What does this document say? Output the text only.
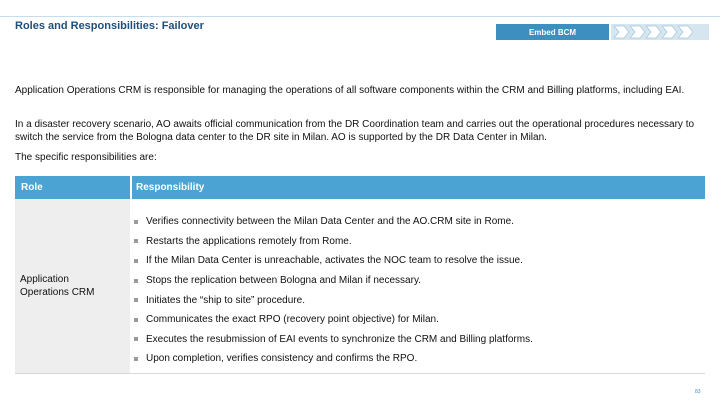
Roles and Responsibilities: Failover	Embed BCM

Application Operations CRM is responsible for managing the operations of all software components within the CRM and Billing platforms, including EAI.

In a disaster recovery scenario, AO awaits official communication from the DR Coordination team and carries out the operational procedures necessary to switch the service from the Bologna data center to the DR site in Milan. AO is supported by the DR Data Center in Milan.

The specific responsibilities are:

Role	Responsibility
Application
Operations CRM
Verifies connectivity between the Milan Data Center and the AO.CRM site in Rome.
Restarts the applications remotely from Rome.
If the Milan Data Center is unreachable, activates the NOC team to resolve the issue.
Stops the replication between Bologna and Milan if necessary.
Initiates the “ship to site” procedure.
Communicates the exact RPO (recovery point objective) for Milan.
Executes the resubmission of EAI events to synchronize the CRM and Billing platforms.
Upon completion, verifies consistency and confirms the RPO.
83
